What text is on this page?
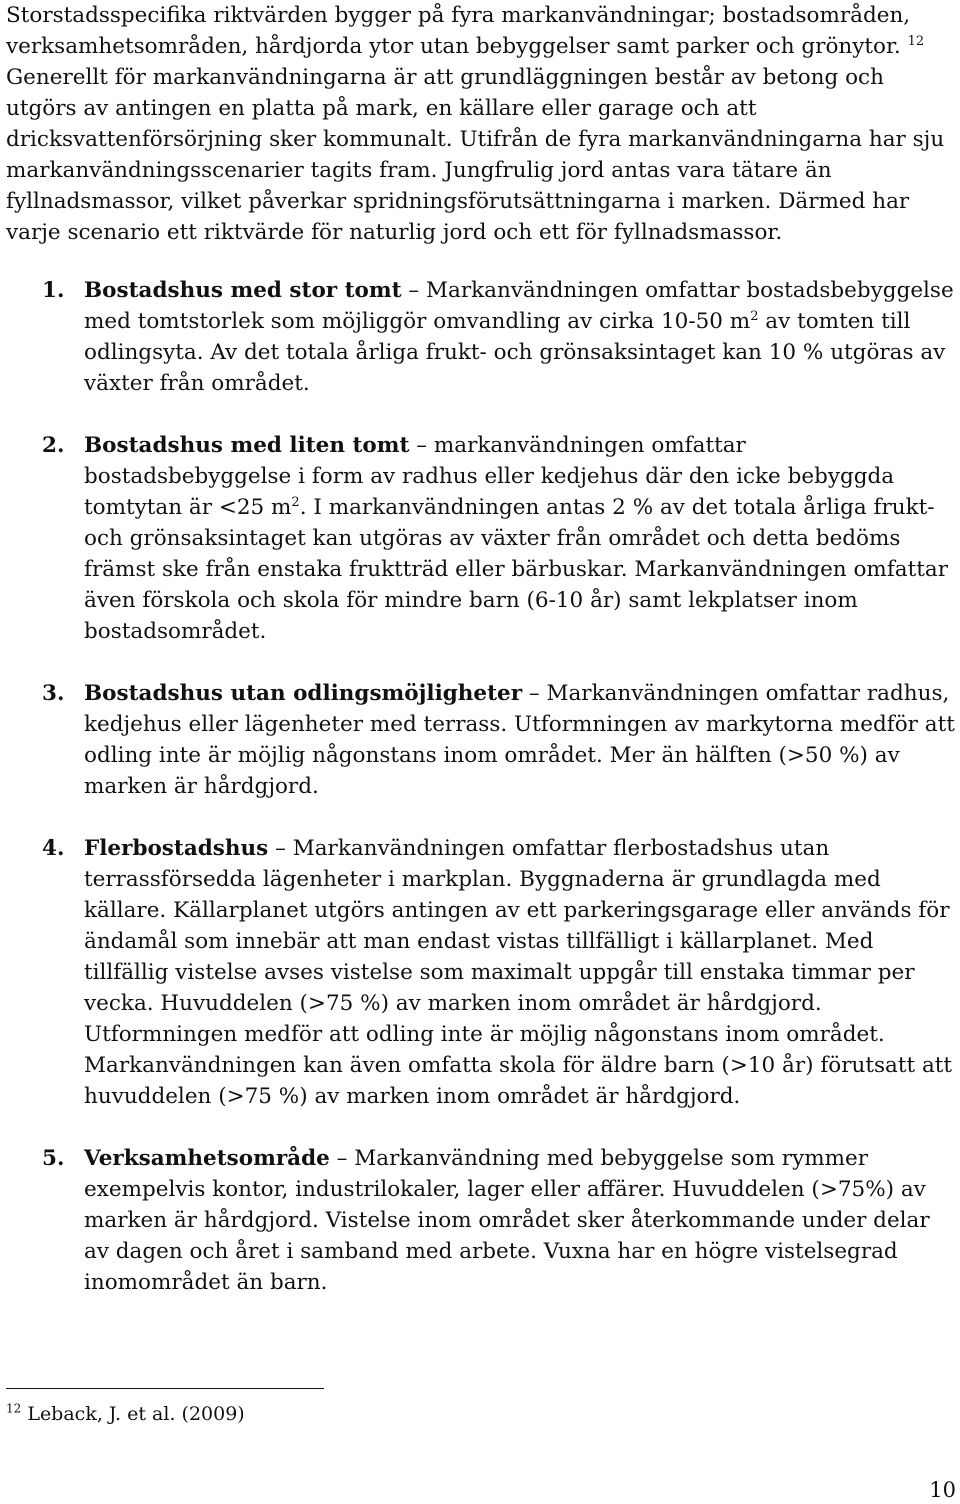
Storstadsspecifika riktvärden bygger på fyra markanvändningar; bostadsområden, verksamhetsområden, hårdjorda ytor utan bebyggelser samt parker och grönytor. $^{12}$ Generellt för markanvändningarna är att grundläggningen består av betong och utgörs av antingen en platta på mark, en källare eller garage och att dricksvattenförsörjning sker kommunalt. Utifrån de fyra markanvändningarna har sju markanvändningsscenarier tagits fram. Jungfrulig jord antas vara tätare än fyllnadsmassor, vilket påverkar spridningsförutsättningarna i marken. Därmed har varje scenario ett riktvärde för naturlig jord och ett för fyllnadsmassor.

1. Bostadshus med stor tomt – Markanvändningen omfattar bostadsbebyggelse med tomtstorlek som möjliggör omvandling av cirka 10-50 $m^2$ av tomten till odlingsyta. Av det totala årliga frukt- och grönsaksintaget kan 10 % utgöras av växter från området.
2. Bostadshus med liten tomt – markanvändningen omfattar bostadsbebyggelse i form av radhus eller kedjehus där den icke bebyggda tomtytan är <25 $m^2$. I markanvändningen antas 2 % av det totala årliga frukt- och grönsaksintaget kan utgöras av växter från området och detta bedöms främst ske från enstaka fruktträd eller bärbuskar. Markanvändningen omfattar även förskola och skola för mindre barn (6-10 år) samt lekplatser inom bostadsområdet.
3. Bostadshus utan odlingsmöjligheter – Markanvändningen omfattar radhus, kedjehus eller lägenheter med terrass. Utformningen av markytorna medför att odling inte är möjlig någonstans inom området. Mer än hälften (>50 %) av marken är hårdgjord.
4. Flerbostadshus – Markanvändningen omfattar flerbostadshus utan terrassförsedda lägenheter i markplan. Byggnaderna är grundlagda med källare. Källarplanet utgörs antingen av ett parkeringsgarage eller används för ändamål som innebär att man endast vistas tillfälligt i källarplanet. Med tillfällig vistelse avses vistelse som maximalt uppgår till enstaka timmar per vecka. Huvuddelen (>75 %) av marken inom området är hårdgjord. Utformningen medför att odling inte är möjlig någonstans inom området. Markanvändningen kan även omfatta skola för äldre barn (>10 år) förutsatt att huvuddelen (>75 %) av marken inom området är hårdgjord.
5. Verksamhetsområde – Markanvändning med bebyggelse som rymmer exempelvis kontor, industrilokaler, lager eller affärer. Huvuddelen (>75%) av marken är hårdgjord. Vistelse inom området sker återkommande under delar av dagen och året i samband med arbete. Vuxna har en högre vistelsegrad inomområdet än barn.

$^{12}$ Leback, J. et al. (2009)

10
